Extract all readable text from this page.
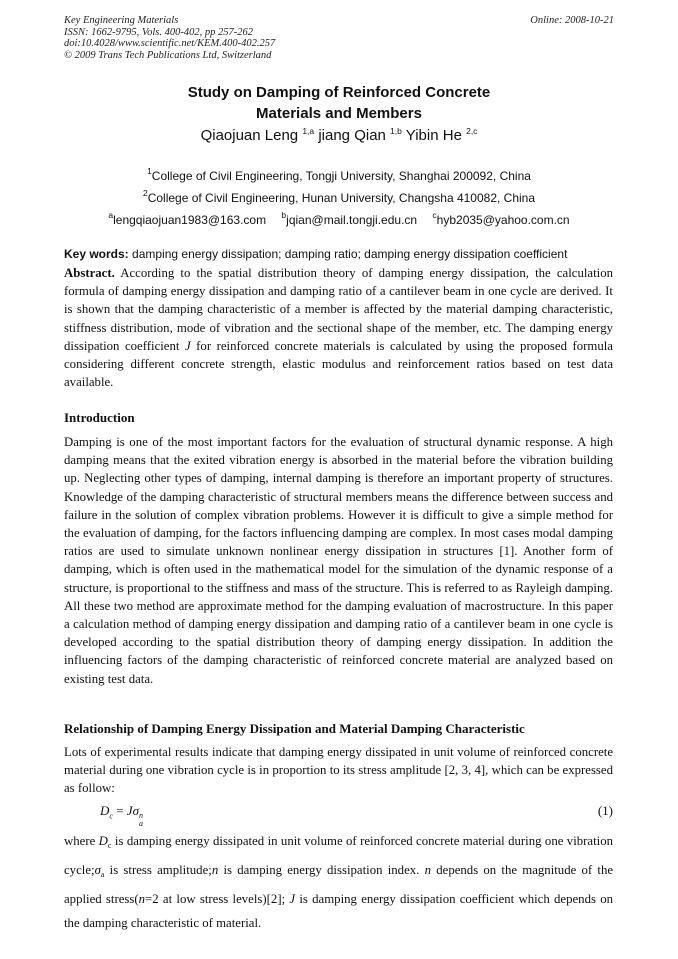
Key Engineering Materials
ISSN: 1662-9795, Vols. 400-402, pp 257-262
doi:10.4028/www.scientific.net/KEM.400-402.257
© 2009 Trans Tech Publications Ltd, Switzerland
Online: 2008-10-21
Study on Damping of Reinforced Concrete
Materials and Members
Qiaojuan Leng $^{1,a}$ jiang Qian $^{1,b}$ Yibin He $^{2,c}$
$^1$College of Civil Engineering, Tongji University, Shanghai 200092, China
$^2$College of Civil Engineering, Hunan University, Changsha 410082, China
$^a$lengqiaojuan1983@163.com $^b$jqian@mail.tongji.edu.cn $^c$hyb2035@yahoo.com.cn
Key words: damping energy dissipation; damping ratio; damping energy dissipation coefficient
Abstract. According to the spatial distribution theory of damping energy dissipation, the calculation formula of damping energy dissipation and damping ratio of a cantilever beam in one cycle are derived. It is shown that the damping characteristic of a member is affected by the material damping characteristic, stiffness distribution, mode of vibration and the sectional shape of the member, etc. The damping energy dissipation coefficient J for reinforced concrete materials is calculated by using the proposed formula considering different concrete strength, elastic modulus and reinforcement ratios based on test data available.
Introduction
Damping is one of the most important factors for the evaluation of structural dynamic response. A high damping means that the exited vibration energy is absorbed in the material before the vibration building up. Neglecting other types of damping, internal damping is therefore an important property of structures. Knowledge of the damping characteristic of structural members means the difference between success and failure in the solution of complex vibration problems. However it is difficult to give a simple method for the evaluation of damping, for the factors influencing damping are complex. In most cases modal damping ratios are used to simulate unknown nonlinear energy dissipation in structures [1]. Another form of damping, which is often used in the mathematical model for the simulation of the dynamic response of a structure, is proportional to the stiffness and mass of the structure. This is referred to as Rayleigh damping. All these two method are approximate method for the damping evaluation of macrostructure. In this paper a calculation method of damping energy dissipation and damping ratio of a cantilever beam in one cycle is developed according to the spatial distribution theory of damping energy dissipation. In addition the influencing factors of the damping characteristic of reinforced concrete material are analyzed based on existing test data.
Relationship of Damping Energy Dissipation and Material Damping Characteristic
Lots of experimental results indicate that damping energy dissipated in unit volume of reinforced concrete material during one vibration cycle is in proportion to its stress amplitude [2, 3, 4], which can be expressed as follow:
$D_c = J\sigma$ n
a
(1)
where $D_c$ is damping energy dissipated in unit volume of reinforced concrete material during one vibration $cycle;\sigma_a$ is stress amplitude;n is damping energy dissipation index. n depends on the magnitude of the applied stress(n=2 at low stress levels)[2]; J is damping energy dissipation coefficient which depends on the damping characteristic of material.
